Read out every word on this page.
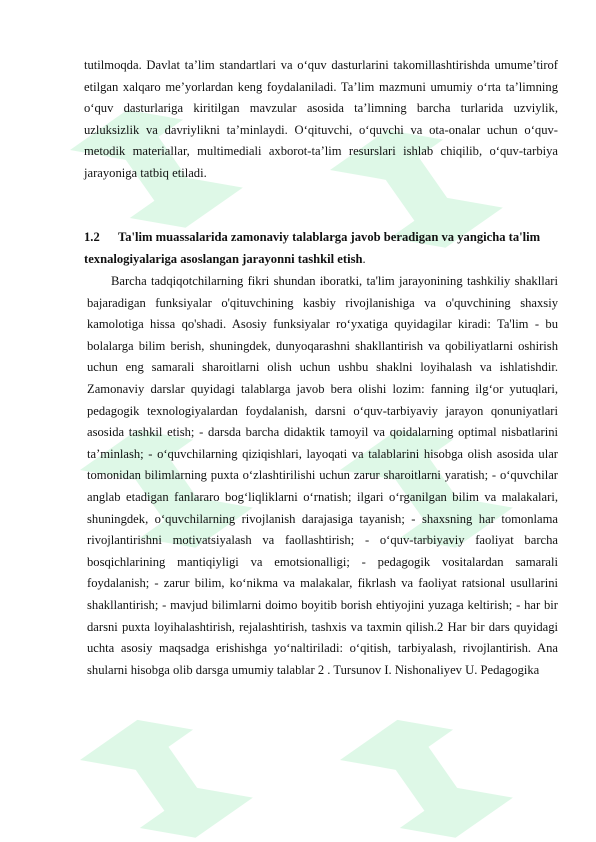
tutilmoqda. Davlat ta’lim standartlari va o‘quv dasturlarini takomillashtirishda umume’tirof etilgan xalqaro me’yorlardan keng foydalaniladi. Ta’lim mazmuni umumiy o‘rta ta’limning o‘quv dasturlariga kiritilgan mavzular asosida ta’limning barcha turlarida uzviylik, uzluksizlik va davriylikni ta’minlaydi. O‘qituvchi, o‘quvchi va ota-onalar uchun o‘quv-metodik materiallar, multimediali axborot-ta’lim resurslari ishlab chiqilib, o‘quv-tarbiya jarayoniga tatbiq etiladi.

1.2 Ta'lim muassalarida zamonaviy talablarga javob beradigan va yangicha ta'lim texnalogiyalariga asoslangan jarayonni tashkil etish.

Barcha tadqiqotchilarning fikri shundan iboratki, ta'lim jarayonining tashkiliy shakllari bajaradigan funksiyalar o'qituvchining kasbiy rivojlanishiga va o'quvchining shaxsiy kamolotiga hissa qo'shadi. Asosiy funksiyalar ro‘yxatiga quyidagilar kiradi: Ta'lim - bu bolalarga bilim berish, shuningdek, dunyoqarashni shakllantirish va qobiliyatlarni oshirish uchun eng samarali sharoitlarni olish uchun ushbu shaklni loyihalash va ishlatishdir. Zamonaviy darslar quyidagi talablarga javob bera olishi lozim: fanning ilg‘or yutuqlari, pedagogik texnologiyalardan foydalanish, darsni o‘quv-tarbiyaviy jarayon qonuniyatlari asosida tashkil etish; - darsda barcha didaktik tamoyil va qoidalarning optimal nisbatlarini ta’minlash; - o‘quvchilarning qiziqishlari, layoqati va talablarini hisobga olish asosida ular tomonidan bilimlarning puxta o‘zlashtirilishi uchun zarur sharoitlarni yaratish; - o‘quvchilar anglab etadigan fanlararo bog‘liqliklarni o‘rnatish; ilgari o‘rganilgan bilim va malakalari, shuningdek, o‘quvchilarning rivojlanish darajasiga tayanish; - shaxsning har tomonlama rivojlantirishni motivatsiyalash va faollashtirish; - o‘quv-tarbiyaviy faoliyat barcha bosqichlarining mantiqiyligi va emotsionalligi; - pedagogik vositalardan samarali foydalanish; - zarur bilim, ko‘nikma va malakalar, fikrlash va faoliyat ratsional usullarini shakllantirish; - mavjud bilimlarni doimo boyitib borish ehtiyojini yuzaga keltirish; - har bir darsni puxta loyihalashtirish, rejalashtirish, tashxis va taxmin qilish.2 Har bir dars quyidagi uchta asosiy maqsadga erishishga yo‘naltiriladi: o‘qitish, tarbiyalash, rivojlantirish. Ana shularni hisobga olib darsga umumiy talablar 2 . Tursunov I. Nishonaliyev U. Pedagogika
